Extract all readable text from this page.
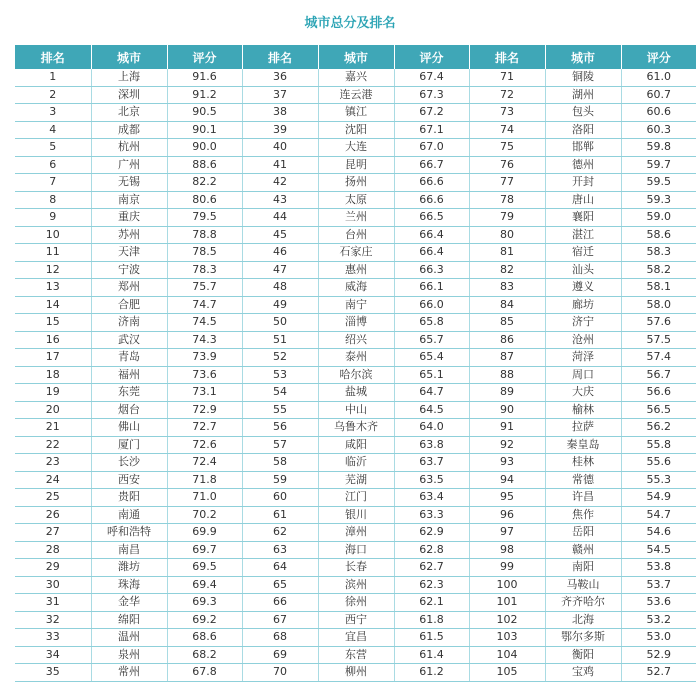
城市总分及排名
排名	城市	评分	排名	城市	评分	排名	城市	评分
1	上海	91.6	36	嘉兴	67.4	71	铜陵	61.0
2	深圳	91.2	37	连云港	67.3	72	湖州	60.7
3	北京	90.5	38	镇江	67.2	73	包头	60.6
4	成都	90.1	39	沈阳	67.1	74	洛阳	60.3
5	杭州	90.0	40	大连	67.0	75	邯郸	59.8
6	广州	88.6	41	昆明	66.7	76	德州	59.7
7	无锡	82.2	42	扬州	66.6	77	开封	59.5
8	南京	80.6	43	太原	66.6	78	唐山	59.3
9	重庆	79.5	44	兰州	66.5	79	襄阳	59.0
10	苏州	78.8	45	台州	66.4	80	湛江	58.6
11	天津	78.5	46	石家庄	66.4	81	宿迁	58.3
12	宁波	78.3	47	惠州	66.3	82	汕头	58.2
13	郑州	75.7	48	威海	66.1	83	遵义	58.1
14	合肥	74.7	49	南宁	66.0	84	廊坊	58.0
15	济南	74.5	50	淄博	65.8	85	济宁	57.6
16	武汉	74.3	51	绍兴	65.7	86	沧州	57.5
17	青岛	73.9	52	泰州	65.4	87	菏泽	57.4
18	福州	73.6	53	哈尔滨	65.1	88	周口	56.7
19	东莞	73.1	54	盐城	64.7	89	大庆	56.6
20	烟台	72.9	55	中山	64.5	90	榆林	56.5
21	佛山	72.7	56	乌鲁木齐	64.0	91	拉萨	56.2
22	厦门	72.6	57	咸阳	63.8	92	秦皇岛	55.8
23	长沙	72.4	58	临沂	63.7	93	桂林	55.6
24	西安	71.8	59	芜湖	63.5	94	常德	55.3
25	贵阳	71.0	60	江门	63.4	95	许昌	54.9
26	南通	70.2	61	银川	63.3	96	焦作	54.7
27	呼和浩特	69.9	62	漳州	62.9	97	岳阳	54.6
28	南昌	69.7	63	海口	62.8	98	赣州	54.5
29	潍坊	69.5	64	长春	62.7	99	南阳	53.8
30	珠海	69.4	65	滨州	62.3	100	马鞍山	53.7
31	金华	69.3	66	徐州	62.1	101	齐齐哈尔	53.6
32	绵阳	69.2	67	西宁	61.8	102	北海	53.2
33	温州	68.6	68	宜昌	61.5	103	鄂尔多斯	53.0
34	泉州	68.2	69	东营	61.4	104	衡阳	52.9
35	常州	67.8	70	柳州	61.2	105	宝鸡	52.7
